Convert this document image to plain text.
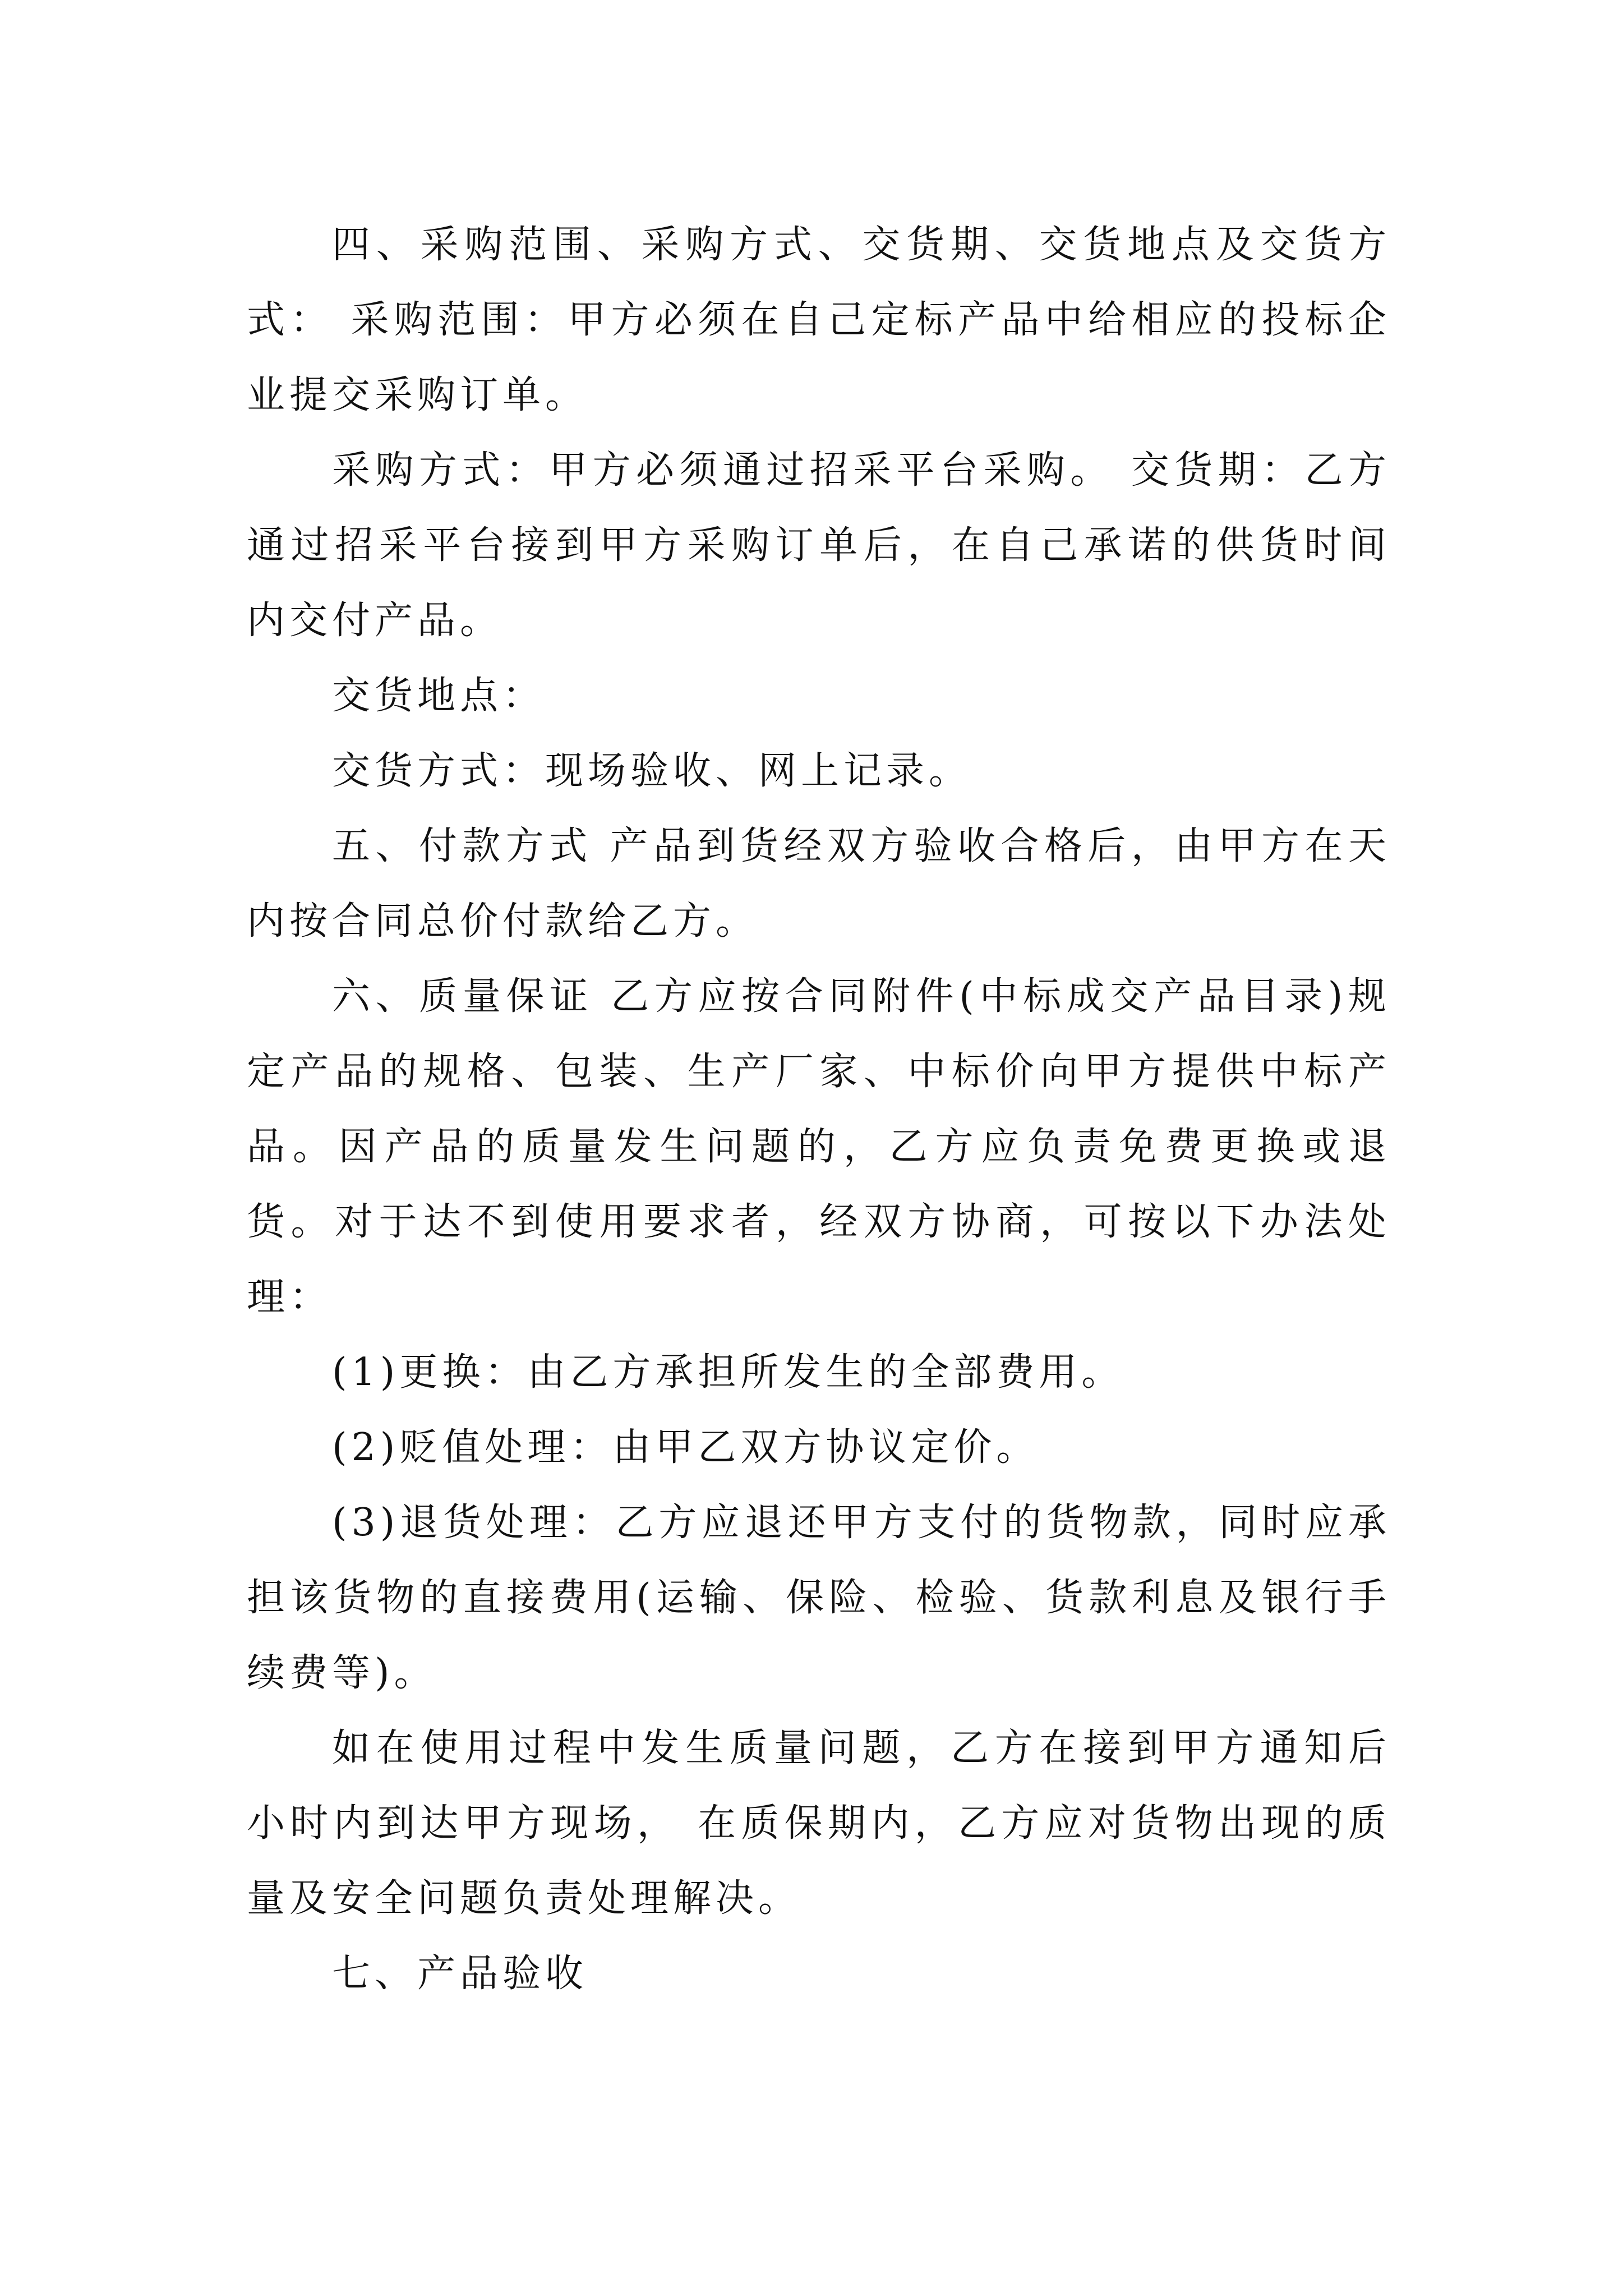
四、采购范围、采购方式、交货期、交货地点及交货方式： 采购范围：甲方必须在自己定标产品中给相应的投标企业提交采购订单。

采购方式：甲方必须通过招采平台采购。 交货期：乙方通过招采平台接到甲方采购订单后，在自己承诺的供货时间内交付产品。

交货地点：

交货方式：现场验收、网上记录。

五、付款方式 产品到货经双方验收合格后，由甲方在天内按合同总价付款给乙方。

六、质量保证 乙方应按合同附件(中标成交产品目录)规定产品的规格、包装、生产厂家、中标价向甲方提供中标产品。因产品的质量发生问题的，乙方应负责免费更换或退货。对于达不到使用要求者，经双方协商，可按以下办法处理：

(1)更换：由乙方承担所发生的全部费用。

(2)贬值处理：由甲乙双方协议定价。

(3)退货处理：乙方应退还甲方支付的货物款，同时应承担该货物的直接费用(运输、保险、检验、货款利息及银行手续费等)。

如在使用过程中发生质量问题，乙方在接到甲方通知后小时内到达甲方现场， 在质保期内，乙方应对货物出现的质量及安全问题负责处理解决。

七、产品验收
